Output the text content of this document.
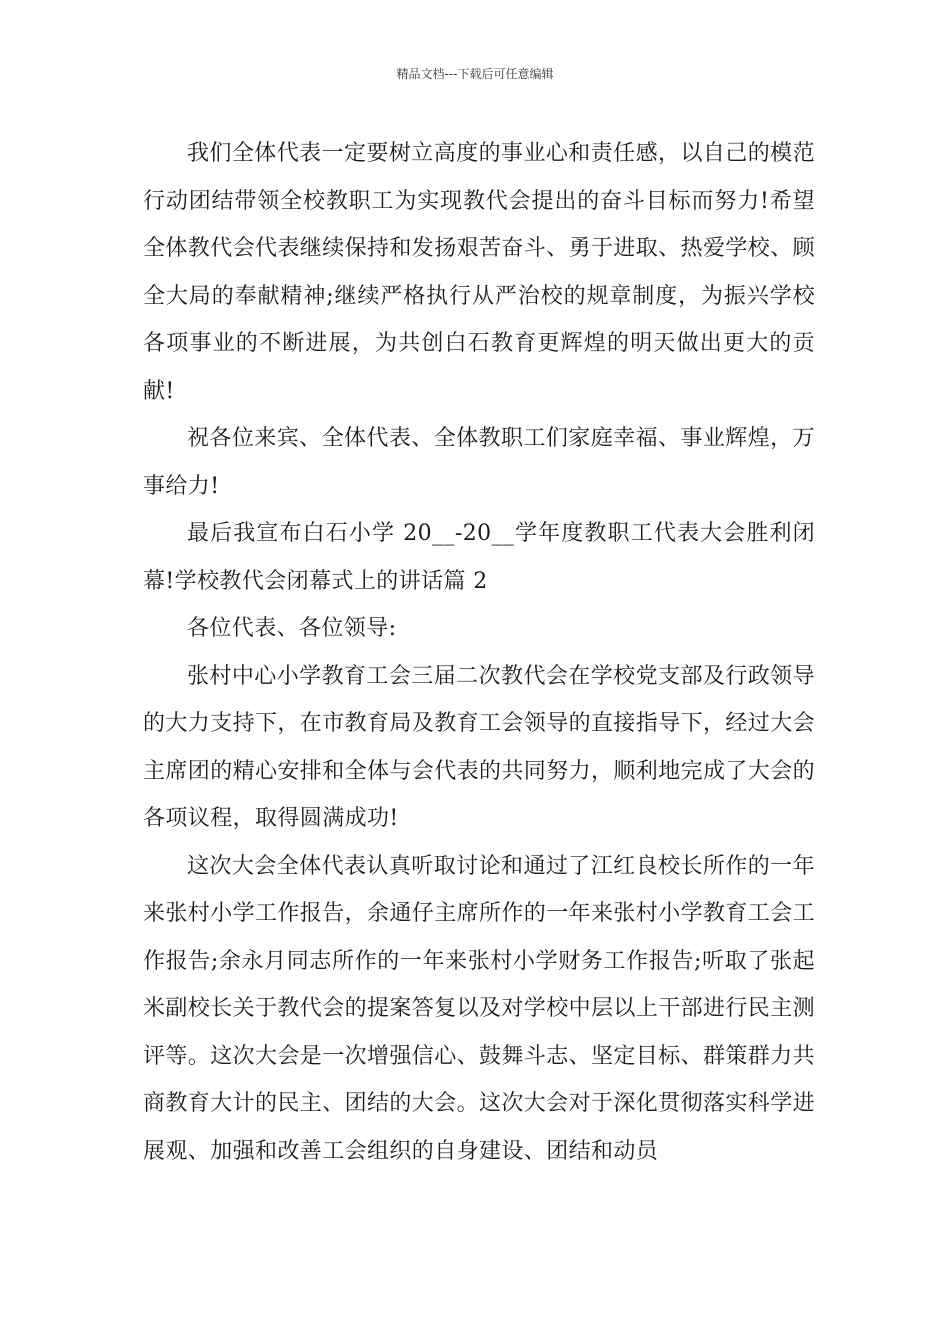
精品文档---下载后可任意编辑

我们全体代表一定要树立高度的事业心和责任感，以自己的模范行动团结带领全校教职工为实现教代会提出的奋斗目标而努力!希望全体教代会代表继续保持和发扬艰苦奋斗、勇于进取、热爱学校、顾全大局的奉献精神;继续严格执行从严治校的规章制度，为振兴学校各项事业的不断进展，为共创白石教育更辉煌的明天做出更大的贡献!

祝各位来宾、全体代表、全体教职工们家庭幸福、事业辉煌，万事给力!

最后我宣布白石小学 20__-20__学年度教职工代表大会胜利闭幕!学校教代会闭幕式上的讲话篇 2

各位代表、各位领导:

张村中心小学教育工会三届二次教代会在学校党支部及行政领导的大力支持下，在市教育局及教育工会领导的直接指导下，经过大会主席团的精心安排和全体与会代表的共同努力，顺利地完成了大会的各项议程，取得圆满成功!

这次大会全体代表认真听取讨论和通过了江红良校长所作的一年来张村小学工作报告，余通仔主席所作的一年来张村小学教育工会工作报告;余永月同志所作的一年来张村小学财务工作报告;听取了张起米副校长关于教代会的提案答复以及对学校中层以上干部进行民主测评等。这次大会是一次增强信心、鼓舞斗志、坚定目标、群策群力共商教育大计的民主、团结的大会。这次大会对于深化贯彻落实科学进展观、加强和改善工会组织的自身建设、团结和动员
